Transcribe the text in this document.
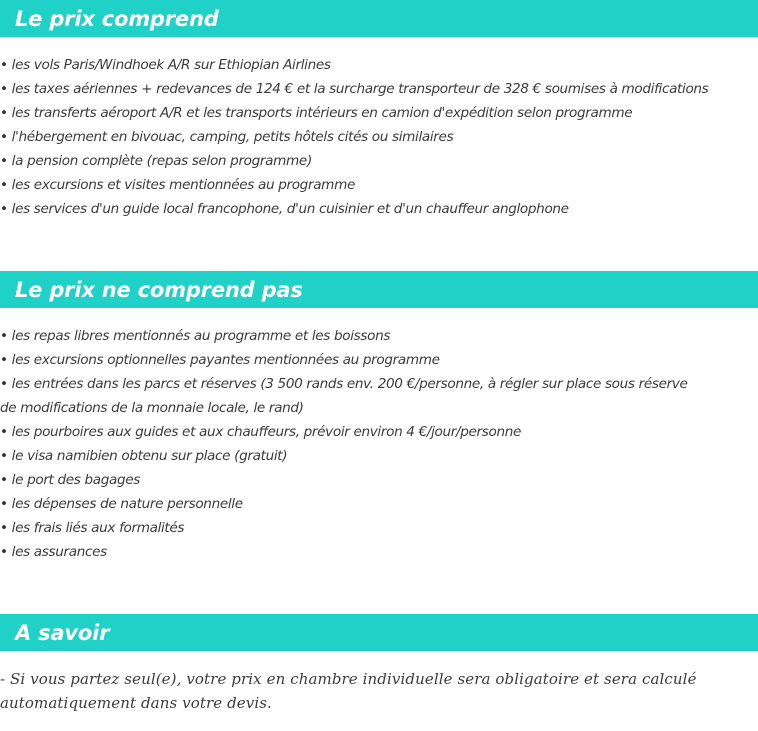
Le prix comprend
• les vols Paris/Windhoek A/R sur Ethiopian Airlines
• les taxes aériennes + redevances de 124 € et la surcharge transporteur de 328 € soumises à modifications
• les transferts aéroport A/R et les transports intérieurs en camion d'expédition selon programme
• l'hébergement en bivouac, camping, petits hôtels cités ou similaires
• la pension complète (repas selon programme)
• les excursions et visites mentionnées au programme
• les services d'un guide local francophone, d'un cuisinier et d'un chauffeur anglophone
Le prix ne comprend pas
• les repas libres mentionnés au programme et les boissons
• les excursions optionnelles payantes mentionnées au programme
• les entrées dans les parcs et réserves (3 500 rands env. 200 €/personne, à régler sur place sous réserve de modifications de la monnaie locale, le rand)
• les pourboires aux guides et aux chauffeurs, prévoir environ 4 €/jour/personne
• le visa namibien obtenu sur place (gratuit)
• le port des bagages
• les dépenses de nature personnelle
• les frais liés aux formalités
• les assurances
A savoir

- Si vous partez seul(e), votre prix en chambre individuelle sera obligatoire et sera calculé automatiquement dans votre devis.
